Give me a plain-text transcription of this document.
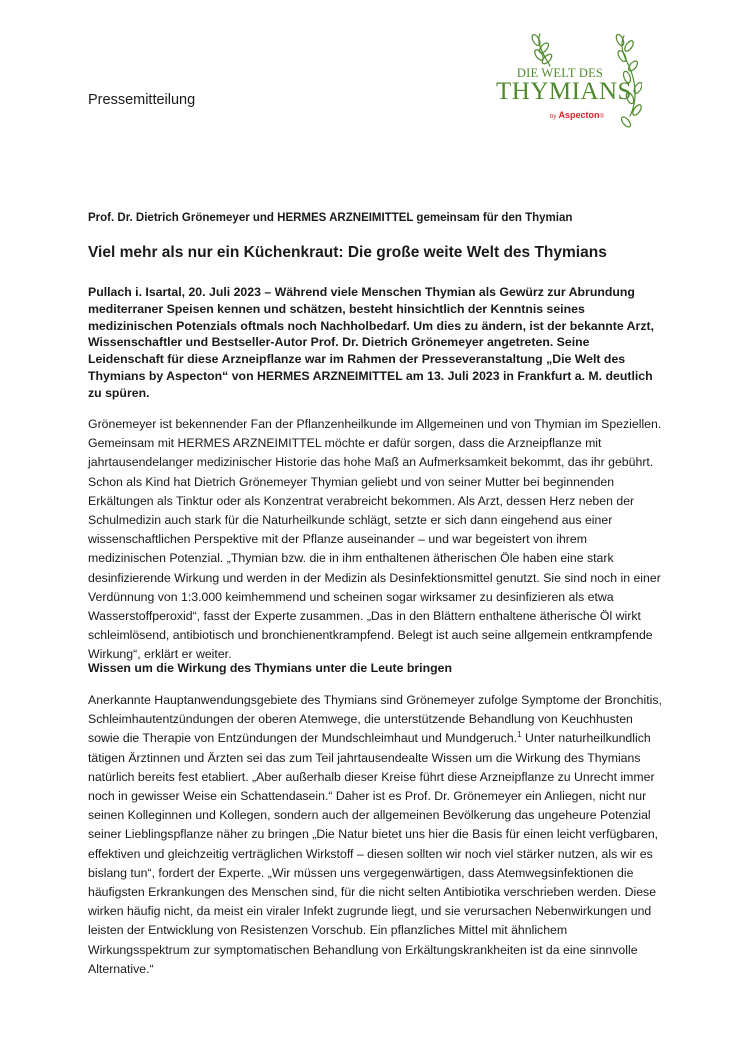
Pressemitteilung
DIE WELT DES
THYMIANS
by Aspecton®
Prof. Dr. Dietrich Grönemeyer und HERMES ARZNEIMITTEL gemeinsam für den Thymian
Viel mehr als nur ein Küchenkraut: Die große weite Welt des Thymians

Pullach i. Isartal, 20. Juli 2023 – Während viele Menschen Thymian als Gewürz zur Abrundung mediterraner Speisen kennen und schätzen, besteht hinsichtlich der Kenntnis seines medizinischen Potenzials oftmals noch Nachholbedarf. Um dies zu ändern, ist der bekannte Arzt, Wissenschaftler und Bestseller-Autor Prof. Dr. Dietrich Grönemeyer angetreten. Seine Leidenschaft für diese Arzneipflanze war im Rahmen der Presseveranstaltung „Die Welt des Thymians by Aspecton“ von HERMES ARZNEIMITTEL am 13. Juli 2023 in Frankfurt a. M. deutlich zu spüren.

Grönemeyer ist bekennender Fan der Pflanzenheilkunde im Allgemeinen und von Thymian im Speziellen. Gemeinsam mit HERMES ARZNEIMITTEL möchte er dafür sorgen, dass die Arzneipflanze mit jahrtausendelanger medizinischer Historie das hohe Maß an Aufmerksamkeit bekommt, das ihr gebührt. Schon als Kind hat Dietrich Grönemeyer Thymian geliebt und von seiner Mutter bei beginnenden Erkältungen als Tinktur oder als Konzentrat verabreicht bekommen. Als Arzt, dessen Herz neben der Schulmedizin auch stark für die Naturheilkunde schlägt, setzte er sich dann eingehend aus einer wissenschaftlichen Perspektive mit der Pflanze auseinander – und war begeistert von ihrem medizinischen Potenzial. „Thymian bzw. die in ihm enthaltenen ätherischen Öle haben eine stark desinfizierende Wirkung und werden in der Medizin als Desinfektionsmittel genutzt. Sie sind noch in einer Verdünnung von 1:3.000 keimhemmend und scheinen sogar wirksamer zu desinfizieren als etwa Wasserstoffperoxid“, fasst der Experte zusammen. „Das in den Blättern enthaltene ätherische Öl wirkt schleimlösend, antibiotisch und bronchienentkrampfend. Belegt ist auch seine allgemein entkrampfende Wirkung“, erklärt er weiter.

Wissen um die Wirkung des Thymians unter die Leute bringen

Anerkannte Hauptanwendungsgebiete des Thymians sind Grönemeyer zufolge Symptome der Bronchitis, Schleimhautentzündungen der oberen Atemwege, die unterstützende Behandlung von Keuchhusten sowie die Therapie von Entzündungen der Mundschleimhaut und Mundgeruch.$^1$ Unter naturheilkundlich tätigen Ärztinnen und Ärzten sei das zum Teil jahrtausendealte Wissen um die Wirkung des Thymians natürlich bereits fest etabliert. „Aber außerhalb dieser Kreise führt diese Arzneipflanze zu Unrecht immer noch in gewisser Weise ein Schattendasein.“ Daher ist es Prof. Dr. Grönemeyer ein Anliegen, nicht nur seinen Kolleginnen und Kollegen, sondern auch der allgemeinen Bevölkerung das ungeheure Potenzial seiner Lieblingspflanze näher zu bringen „Die Natur bietet uns hier die Basis für einen leicht verfügbaren, effektiven und gleichzeitig verträglichen Wirkstoff – diesen sollten wir noch viel stärker nutzen, als wir es bislang tun“, fordert der Experte. „Wir müssen uns vergegenwärtigen, dass Atemwegsinfektionen die häufigsten Erkrankungen des Menschen sind, für die nicht selten Antibiotika verschrieben werden. Diese wirken häufig nicht, da meist ein viraler Infekt zugrunde liegt, und sie verursachen Nebenwirkungen und leisten der Entwicklung von Resistenzen Vorschub. Ein pflanzliches Mittel mit ähnlichem Wirkungsspektrum zur symptomatischen Behandlung von Erkältungskrankheiten ist da eine sinnvolle Alternative.“
